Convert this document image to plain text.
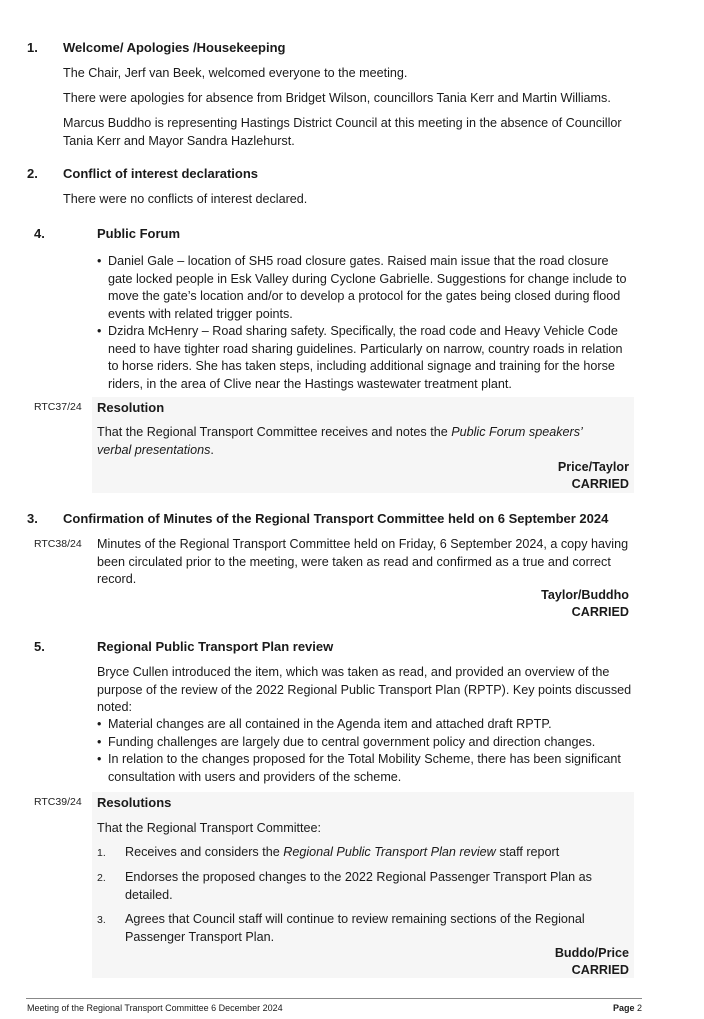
1. Welcome/ Apologies /Housekeeping
The Chair, Jerf van Beek, welcomed everyone to the meeting.
There were apologies for absence from Bridget Wilson, councillors Tania Kerr and Martin Williams.
Marcus Buddho is representing Hastings District Council at this meeting in the absence of Councillor Tania Kerr and Mayor Sandra Hazlehurst.
2. Conflict of interest declarations
There were no conflicts of interest declared.
4.	Public Forum
• Daniel Gale – location of SH5 road closure gates. Raised main issue that the road closure gate locked people in Esk Valley during Cyclone Gabrielle. Suggestions for change include to move the gate’s location and/or to develop a protocol for the gates being closed during flood events with related trigger points.
• Dzidra McHenry – Road sharing safety. Specifically, the road code and Heavy Vehicle Code need to have tighter road sharing guidelines. Particularly on narrow, country roads in relation to horse riders. She has taken steps, including additional signage and training for the horse riders, in the area of Clive near the Hastings wastewater treatment plant.
RTC37/24 Resolution
That the Regional Transport Committee receives and notes the Public Forum speakers’ verbal presentations.
Price/Taylor
CARRIED
3. Confirmation of Minutes of the Regional Transport Committee held on 6 September 2024
RTC38/24 Minutes of the Regional Transport Committee held on Friday, 6 September 2024, a copy having been circulated prior to the meeting, were taken as read and confirmed as a true and correct record.
Taylor/Buddho
CARRIED
5.	Regional Public Transport Plan review
Bryce Cullen introduced the item, which was taken as read, and provided an overview of the purpose of the review of the 2022 Regional Public Transport Plan (RPTP). Key points discussed noted:
• Material changes are all contained in the Agenda item and attached draft RPTP.
• Funding challenges are largely due to central government policy and direction changes.
• In relation to the changes proposed for the Total Mobility Scheme, there has been significant consultation with users and providers of the scheme.
RTC39/24 Resolutions
That the Regional Transport Committee:
1. Receives and considers the Regional Public Transport Plan review staff report
2. Endorses the proposed changes to the 2022 Regional Passenger Transport Plan as detailed.
3. Agrees that Council staff will continue to review remaining sections of the Regional Passenger Transport Plan.
Buddo/Price
CARRIED
Meeting of the Regional Transport Committee 6 December 2024	Page 2
